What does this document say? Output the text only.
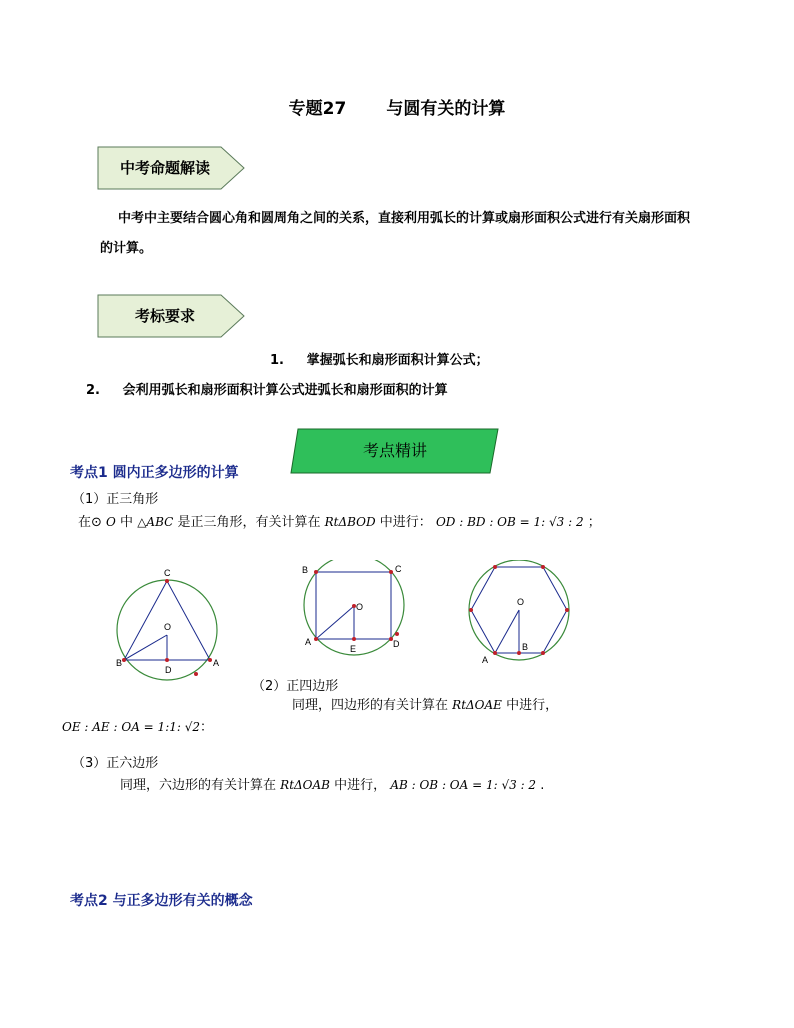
专题27 与圆有关的计算
中考命题解读
中考中主要结合圆心角和圆周角之间的关系，直接利用弧长的计算或扇形面积公式进行有关扇形面积的计算。
考标要求
1. 掌握弧长和扇形面积计算公式；
2. 会利用弧长和扇形面积计算公式进弧长和扇形面积的计算
考点精讲
考点1 圆内正多边形的计算
（1）正三角形
在⊙ O 中 △ABC 是正三角形，有关计算在 RtΔBOD 中进行： OD : BD : OB = 1: √3 : 2 ；
C
O
B
D
A
B	C
O
A
E	D
O
A
B
（2）正四边形
同理，四边形的有关计算在 RtΔOAE 中进行，
OE : AE : OA = 1:1: √2：
（3）正六边形
同理，六边形的有关计算在 RtΔOAB 中进行， AB : OB : OA = 1: √3 : 2 .
考点2 与正多边形有关的概念
